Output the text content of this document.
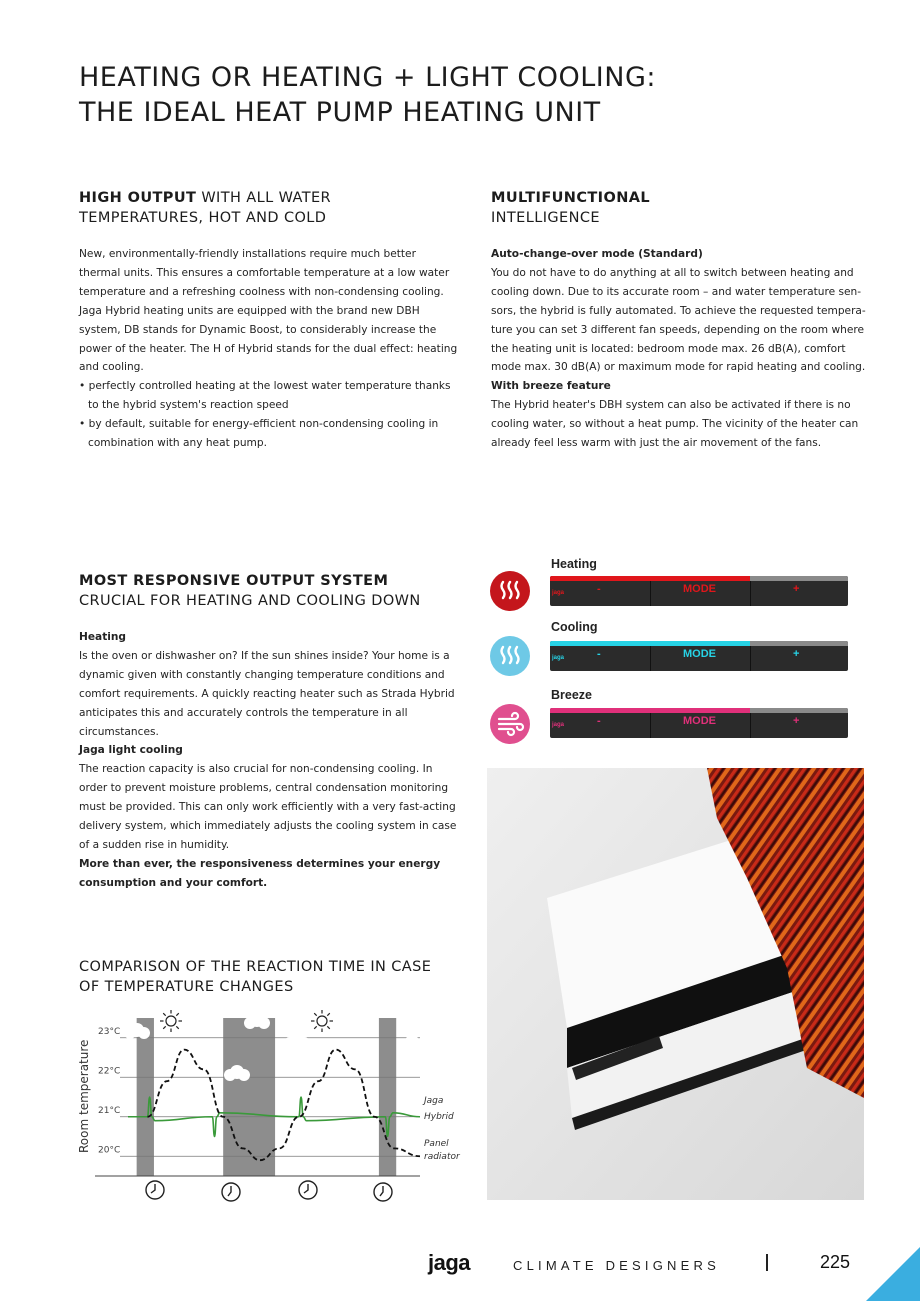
HEATING OR HEATING + LIGHT COOLING:
THE IDEAL HEAT PUMP HEATING UNIT
HIGH OUTPUT WITH ALL WATER
TEMPERATURES, HOT AND COLD

New, environmentally-friendly installations require much better thermal units. This ensures a comfortable temperature at a low water temperature and a refreshing coolness with non-condensing cooling. Jaga Hybrid heating units are equipped with the brand new DBH system, DB stands for Dynamic Boost, to considerably increase the power of the heater. The H of Hybrid stands for the dual effect: heating and cooling.

• perfectly controlled heating at the lowest water temperature thanks to the hybrid system's reaction speed

• by default, suitable for energy-efficient non-condensing cooling in combination with any heat pump.

MULTIFUNCTIONAL
INTELLIGENCE

Auto-change-over mode (Standard)

You do not have to do anything at all to switch between heating and cooling down. Due to its accurate room – and water temperature sen-sors, the hybrid is fully automated. To achieve the requested tempera-ture you can set 3 different fan speeds, depending on the room where the heating unit is located: bedroom mode max. 26 dB(A), comfort mode max. 30 dB(A) or maximum mode for rapid heating and cooling.

With breeze feature

The Hybrid heater's DBH system can also be activated if there is no cooling water, so without a heat pump. The vicinity of the heater can already feel less warm with just the air movement of the fans.

MOST RESPONSIVE OUTPUT SYSTEM
CRUCIAL FOR HEATING AND COOLING DOWN

Heating

Is the oven or dishwasher on? If the sun shines inside? Your home is a dynamic given with constantly changing temperature conditions and comfort requirements. A quickly reacting heater such as Strada Hybrid anticipates this and accurately controls the temperature in all circumstances.

Jaga light cooling

The reaction capacity is also crucial for non-condensing cooling. In order to prevent moisture problems, central condensation monitoring must be provided. This can only work efficiently with a very fast-acting delivery system, which immediately adjusts the cooling system in case of a sudden rise in humidity.

More than ever, the responsiveness determines your energy consumption and your comfort.

Heating
jaga	-	MODE	+
Cooling
jaga	-	MODE	+
Breeze
jaga	-	MODE	+
COMPARISON OF THE REACTION TIME IN CASE
OF TEMPERATURE CHANGES
23°C
22°C
21°C
20°C
Jaga
Hybrid
Panel
radiator
Room temperature
jaga	CLIMATE DESIGNERS	225
